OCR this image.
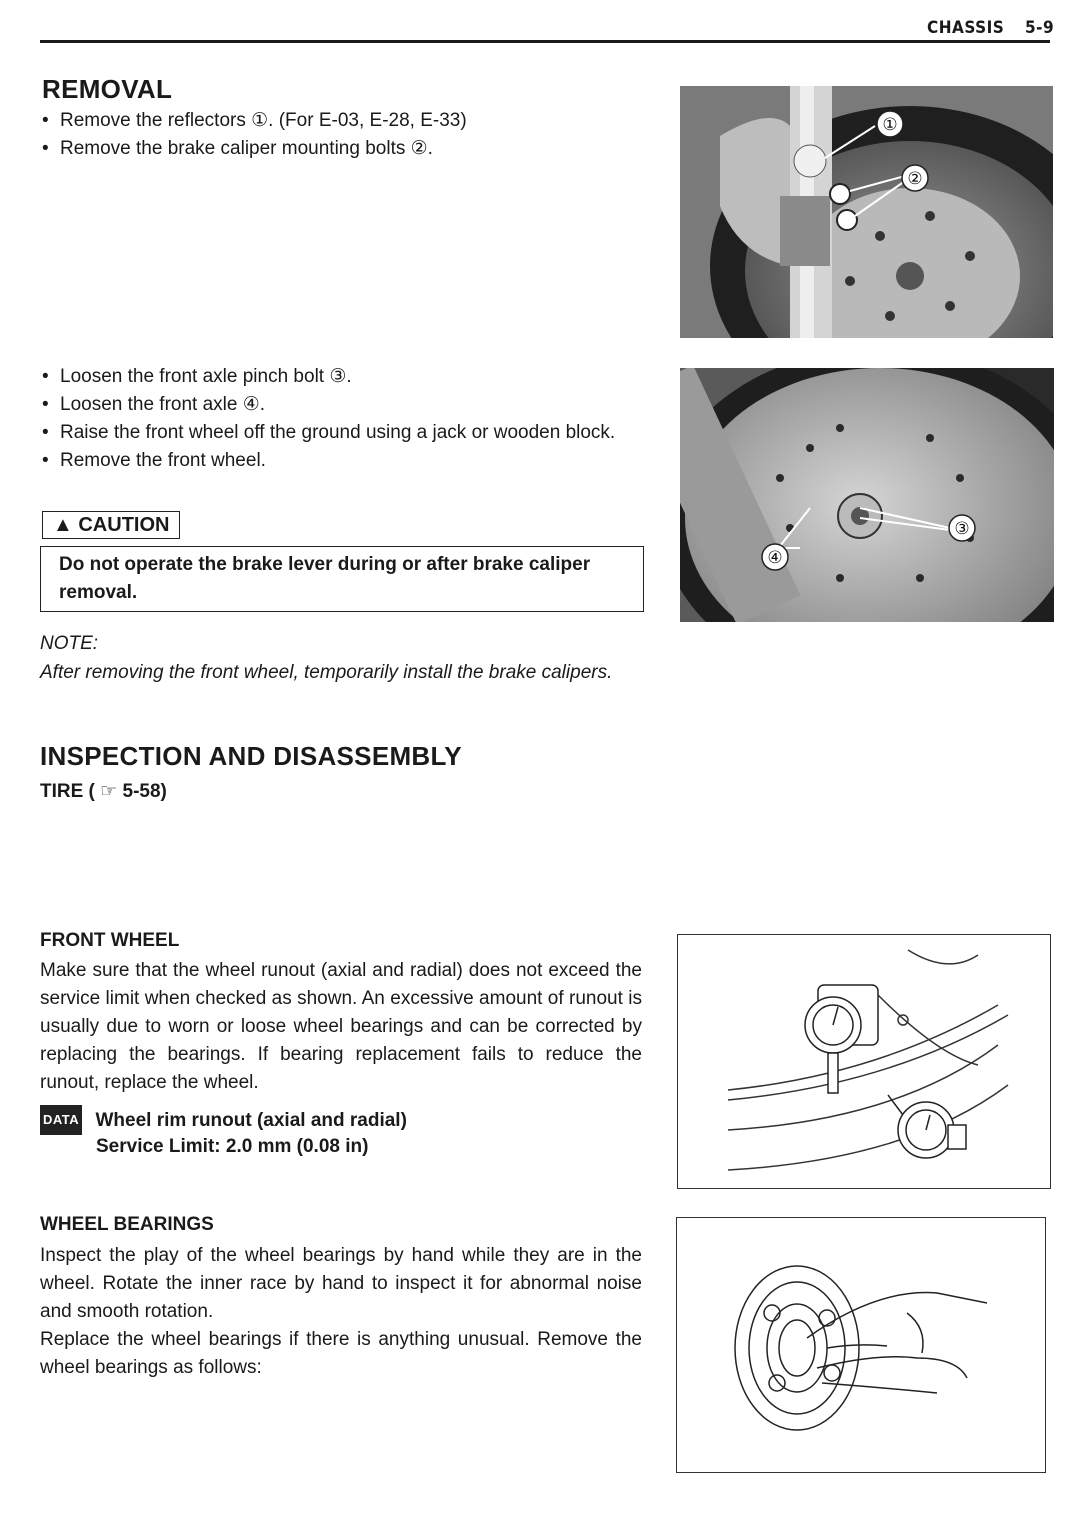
CHASSIS 5-9
REMOVAL
• Remove the reflectors ①. (For E-03, E-28, E-33)
• Remove the brake caliper mounting bolts ②.
①
②
• Loosen the front axle pinch bolt ③.
• Loosen the front axle ④.
• Raise the front wheel off the ground using a jack or wooden block.
• Remove the front wheel.
③
④
▲ CAUTION
Do not operate the brake lever during or after brake caliper removal.
NOTE:
After removing the front wheel, temporarily install the brake calipers.
INSPECTION AND DISASSEMBLY
TIRE ( ☞ 5-58)
FRONT WHEEL
Make sure that the wheel runout (axial and radial) does not exceed the service limit when checked as shown. An excessive amount of runout is usually due to worn or loose wheel bearings and can be corrected by replacing the bearings. If bearing replacement fails to reduce the runout, replace the wheel.
DATA Wheel rim runout (axial and radial)
Service Limit: 2.0 mm (0.08 in)
WHEEL BEARINGS
Inspect the play of the wheel bearings by hand while they are in the wheel. Rotate the inner race by hand to inspect it for abnormal noise and smooth rotation.
Replace the wheel bearings if there is anything unusual. Remove the wheel bearings as follows:
